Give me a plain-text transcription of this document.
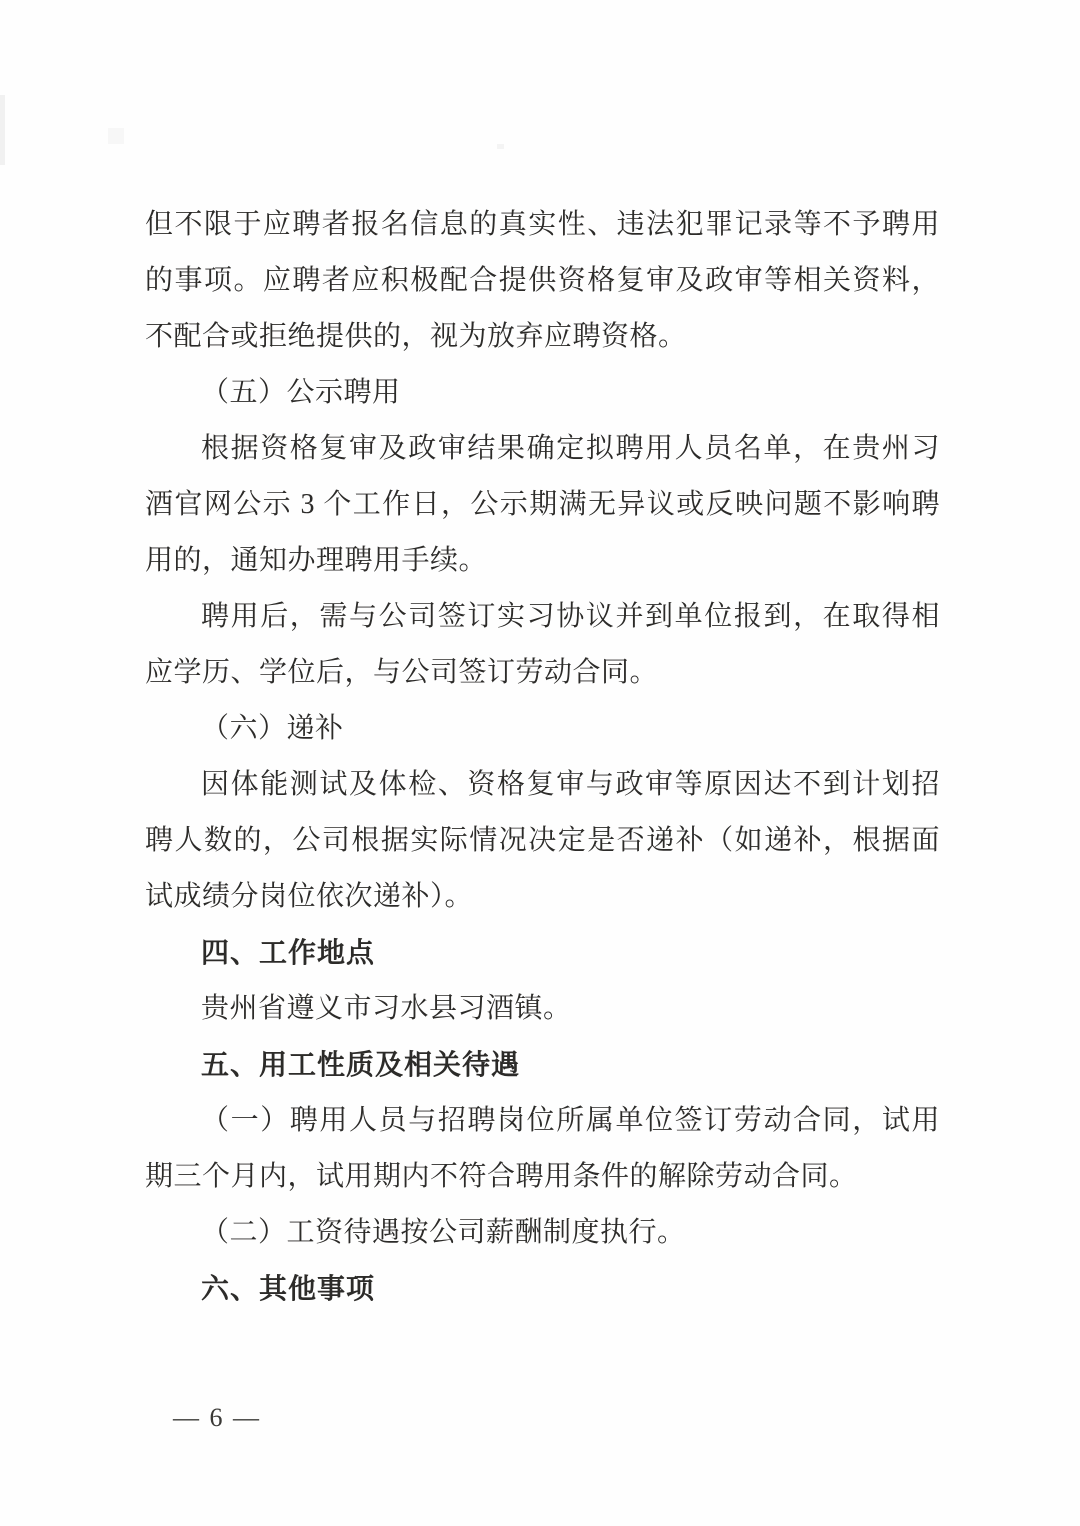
但不限于应聘者报名信息的真实性、违法犯罪记录等不予聘用的事项。应聘者应积极配合提供资格复审及政审等相关资料，不配合或拒绝提供的，视为放弃应聘资格。

（五）公示聘用

根据资格复审及政审结果确定拟聘用人员名单，在贵州习酒官网公示 3 个工作日，公示期满无异议或反映问题不影响聘用的，通知办理聘用手续。

聘用后，需与公司签订实习协议并到单位报到，在取得相应学历、学位后，与公司签订劳动合同。

（六）递补

因体能测试及体检、资格复审与政审等原因达不到计划招聘人数的，公司根据实际情况决定是否递补（如递补，根据面试成绩分岗位依次递补）。

四、工作地点

贵州省遵义市习水县习酒镇。

五、用工性质及相关待遇

（一）聘用人员与招聘岗位所属单位签订劳动合同，试用期三个月内，试用期内不符合聘用条件的解除劳动合同。

（二）工资待遇按公司薪酬制度执行。

六、其他事项

— 6 —
